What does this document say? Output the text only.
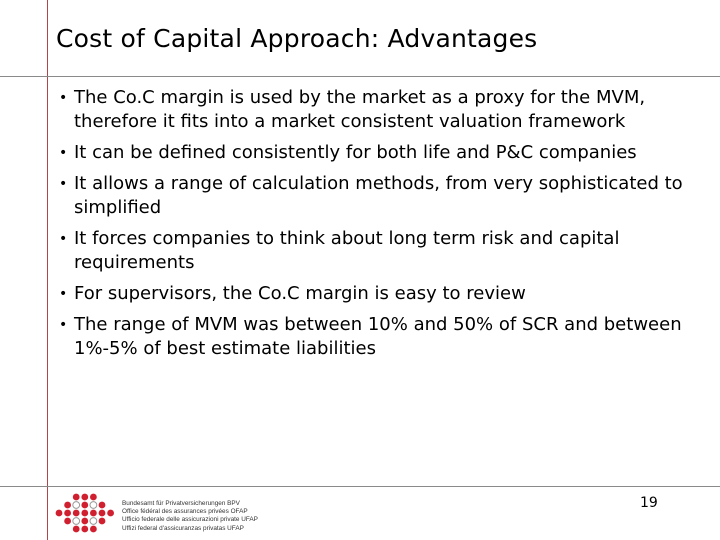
Cost of Capital Approach: Advantages
• The Co.C margin is used by the market as a proxy for the MVM, therefore it fits into a market consistent valuation framework
• It can be defined consistently for both life and P&C companies
• It allows a range of calculation methods, from very sophisticated to simplified
• It forces companies to think about long term risk and capital requirements
• For supervisors, the Co.C margin is easy to review
• The range of MVM was between 10% and 50% of SCR and between 1%-5% of best estimate liabilities
19
Bundesamt für Privatversicherungen BPV
Office fédéral des assurances privées OFAP
Ufficio federale delle assicurazioni private UFAP
Uffizi federal d'assicuranzas privatas UFAP
